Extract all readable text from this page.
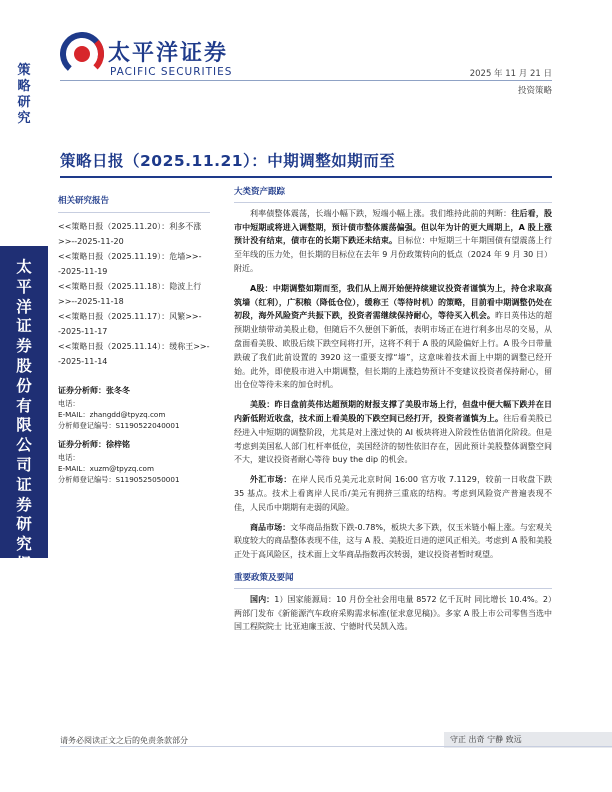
太平洋证券
PACIFIC SECURITIES	2025 年 11 月 21 日
投资策略
策略研究
太平洋证券股份有限公司证券研究报告
策略日报（2025.11.21）：中期调整如期而至
相关研究报告
<<策略日报（2025.11.20）：利多不涨>>--2025-11-20
<<策略日报（2025.11.19）：危墙>>--2025-11-19
<<策略日报（2025.11.18）：隐波上行>>--2025-11-18
<<策略日报（2025.11.17）：风繁>>--2025-11-17
<<策略日报（2025.11.14）：缓称王>>--2025-11-14
证券分析师：张冬冬
电话：
E-MAIL：zhangdd@tpyzq.com
分析师登记编号：S1190522040001
证券分析师：徐梓铭
电话：
E-MAIL：xuzm@tpyzq.com
分析师登记编号：S1190525050001
大类资产跟踪

利率债整体震荡，长端小幅下跌，短端小幅上涨。我们维持此前的判断：往后看，股市中短期或将进入调整期，预计债市整体震荡偏强。但以年为计的更大周期上，A 股上涨预计没有结束，债市在的长期下跌还未结束。目标位：中短期三十年期国债有望震荡上行至年线的压力处，但长期的目标位在去年 9 月份政策转向的低点（2024 年 9 月 30 日）附近。

A股：中期调整如期而至，我们从上周开始便持续建议投资者谨慎为上，持仓求取高筑墙（红利），广积粮（降低仓位），缓称王（等待时机）的策略，目前看中期调整仍处在初段，海外风险资产共振下跌，投资者需继续保持耐心，等待买入机会。昨日英伟达的超预期业绩带动美股止稳，但随后不久便创下新低，表明市场正在进行利多出尽的交易，从盘面看美股、欧股后续下跌空间将打开，这将不利于 A 股的风险偏好上行。A 股今日带量跌破了我们此前设置的 3920 这一重要支撑“墙”，这意味着技术面上中期的调整已经开始。此外，即使股市进入中期调整，但长期的上涨趋势预计不变建议投资者保持耐心，留出仓位等待未来的加仓时机。

美股：昨日盘前英伟达超预期的财报支撑了美股市场上行，但盘中便大幅下跌并在日内新低附近收盘，技术面上看美股的下跌空间已经打开，投资者谨慎为上。往后看美股已经进入中短期的调整阶段，尤其是对上涨过快的 AI 板块将进入阶段性估值消化阶段。但是考虑到美国私人部门杠杆率低位，美国经济的韧性依旧存在，因此预计美股整体调整空间不大，建议投资者耐心等待 buy the dip 的机会。

外汇市场：在岸人民币兑美元北京时间 16:00 官方收 7.1129，较前一日收盘下跌 35 基点。技术上看离岸人民币/美元有拥挤三重底的结构。考虑到风险资产普遍表现不佳，人民币中期期有走弱的风险。

商品市场：文华商品指数下跌-0.78%，板块大多下跌，仅玉米链小幅上涨。与宏观关联度较大的商品整体表现不佳，这与 A 股、美股近日进的逆风正相关。考虑到 A 股和美股正处于高风险区，技术面上文华商品指数再次转弱，建议投资者暂时观望。

重要政策及要闻

国内：1）国家能源局：10 月份全社会用电量 8572 亿千瓦时 同比增长 10.4%。2）两部门发布《新能源汽车政府采购需求标准(征求意见稿)》。多家 A 股上市公司零售当选中国工程院院士 比亚迪廉玉波、宁德时代吴凯入选。

请务必阅读正文之后的免责条款部分	守正 出奇 宁静 致远
